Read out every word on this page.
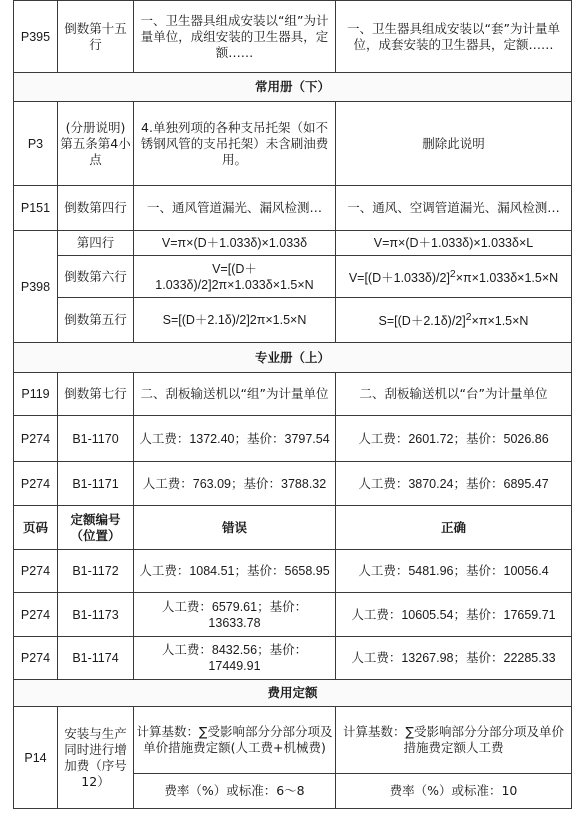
P395	倒数第十五行	一、卫生器具组成安装以“组”为计量单位，成组安装的卫生器具，定额……	一、卫生器具组成安装以“套”为计量单位，成套安装的卫生器具，定额……
常用册（下）			
P3	(分册说明)第五条第4小点	4.单独列项的各种支吊托架（如不锈钢风管的支吊托架）未含刷油费用。	删除此说明
P151	倒数第四行	一、通风管道漏光、漏风检测…	一、通风、空调管道漏光、漏风检测…
P398	第四行	V=π×(D＋1.033δ)×1.033δ	V=π×(D＋1.033δ)×1.033δ×L
	倒数第六行	V=[(D＋1.033δ)/2]2π×1.033δ×1.5×N	$V=[(D+1.033\delta)/2]^2\times\pi\times 1.033\delta\times 1.5\times N$
	倒数第五行	S=[(D＋2.1δ)/2]2π×1.5×N	$S=[(D+2.1\delta)/2]^2\times\pi\times 1.5\times N$
专业册（上）			
P119	倒数第七行	二、刮板输送机以“组”为计量单位	二、刮板输送机以“台”为计量单位
P274	B1-1170	人工费：1372.40；基价：3797.54	人工费：2601.72；基价：5026.86
P274	B1-1171	人工费：763.09；基价：3788.32	人工费：3870.24；基价：6895.47
页码	定额编号（位置）	错误	正确
P274	B1-1172	人工费：1084.51；基价：5658.95	人工费：5481.96；基价：10056.4
P274	B1-1173	人工费：6579.61；基价：13633.78	人工费：10605.54；基价：17659.71
P274	B1-1174	人工费：8432.56；基价：17449.91	人工费：13267.98；基价：22285.33
费用定额			
P14	安装与生产同时进行增加费（序号12）	计算基数：∑受影响部分分部分项及单价措施费定额(人工费+机械费)	计算基数：∑受影响部分分部分项及单价措施费定额人工费
		费率（%）或标准：6～8	费率（%）或标准：10
